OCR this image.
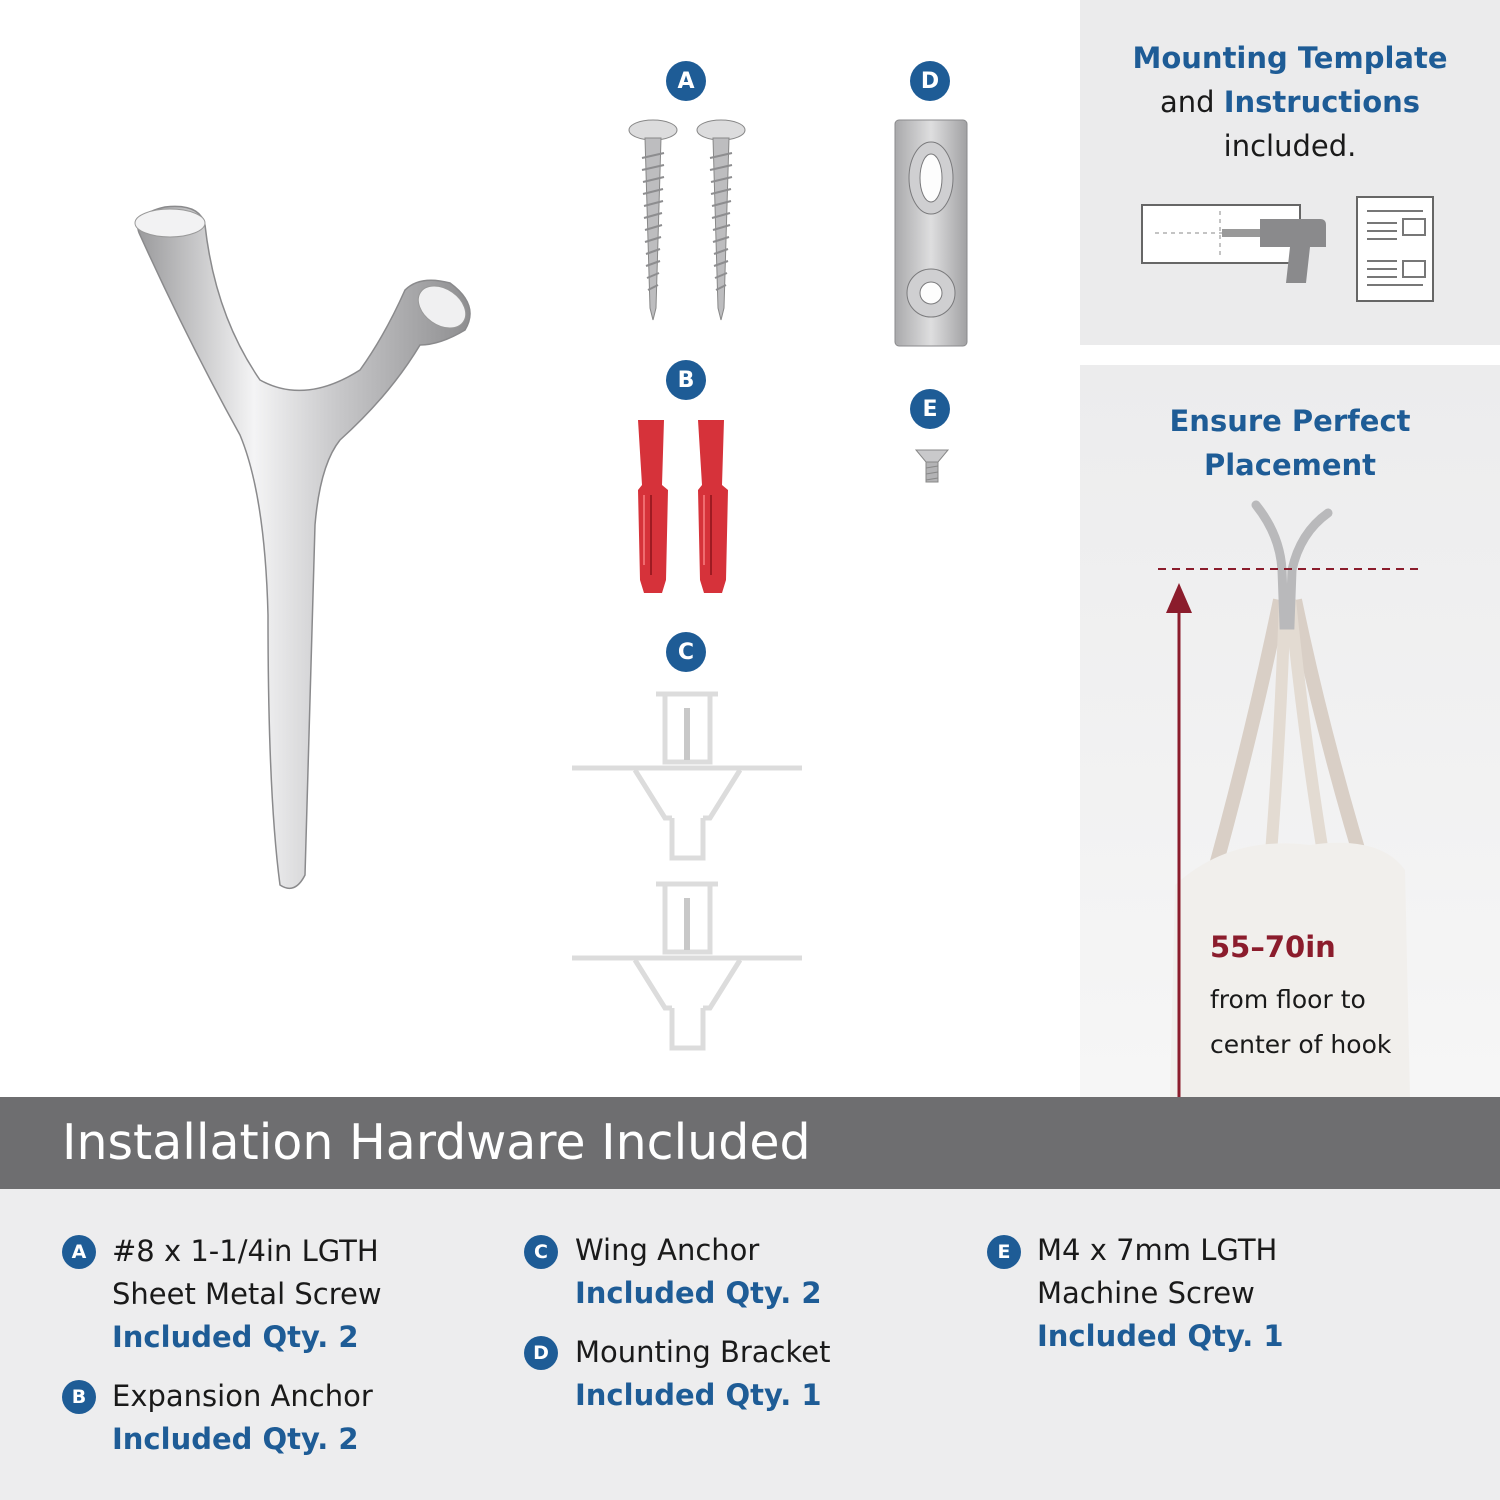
Mounting Template
and Instructions
included.
Ensure Perfect
Placement
55–70in
from floor to
center of hook
A
B
C
D
E
Installation Hardware Included
A #8 x 1-1/4in LGTH
Sheet Metal Screw
Included Qty. 2
B Expansion Anchor
Included Qty. 2
C Wing Anchor
Included Qty. 2
D Mounting Bracket
Included Qty. 1
E M4 x 7mm LGTH
Machine Screw
Included Qty. 1
